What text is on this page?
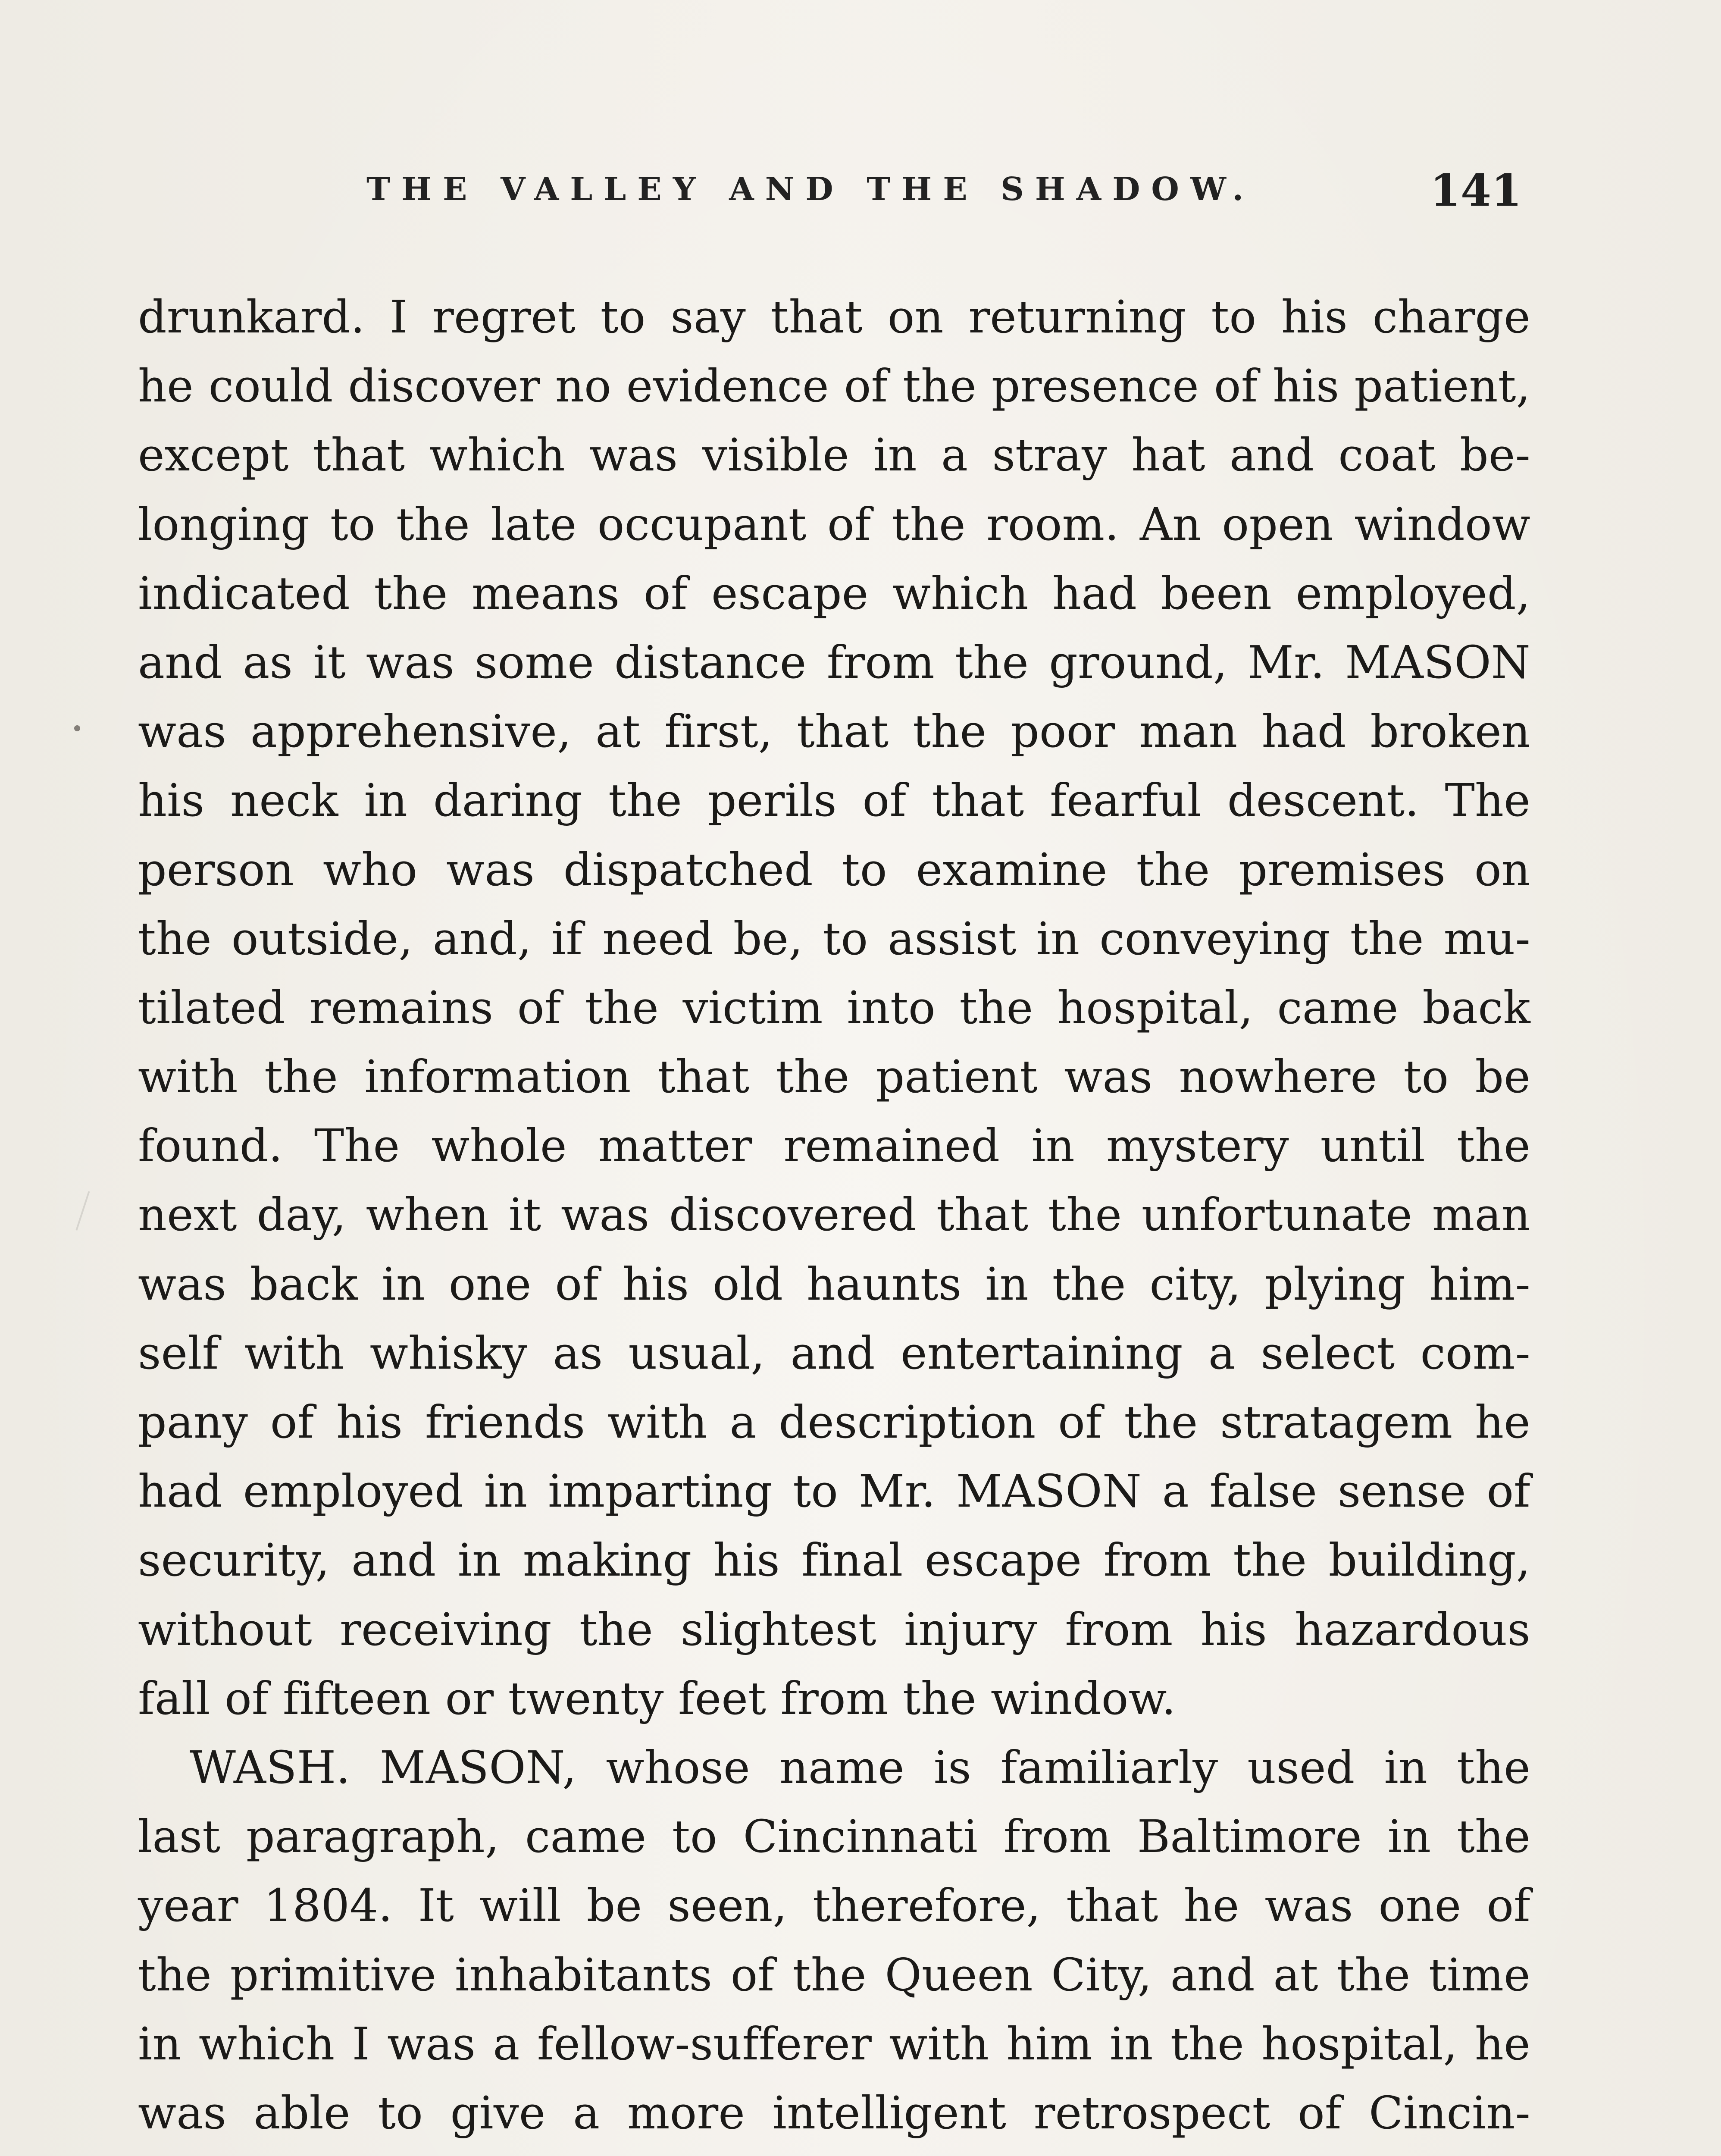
THE VALLEY AND THE SHADOW.	141
drunkard. I regret to say that on returning to his charge
he could discover no evidence of the presence of his patient,
except that which was visible in a stray hat and coat be-
longing to the late occupant of the room. An open window
indicated the means of escape which had been employed,
and as it was some distance from the ground, Mr. MASON
was apprehensive, at first, that the poor man had broken
his neck in daring the perils of that fearful descent. The
person who was dispatched to examine the premises on
the outside, and, if need be, to assist in conveying the mu-
tilated remains of the victim into the hospital, came back
with the information that the patient was nowhere to be
found. The whole matter remained in mystery until the
next day, when it was discovered that the unfortunate man
was back in one of his old haunts in the city, plying him-
self with whisky as usual, and entertaining a select com-
pany of his friends with a description of the stratagem he
had employed in imparting to Mr. MASON a false sense of
security, and in making his final escape from the building,
without receiving the slightest injury from his hazardous
fall of fifteen or twenty feet from the window.
WASH. MASON, whose name is familiarly used in the
last paragraph, came to Cincinnati from Baltimore in the
year 1804. It will be seen, therefore, that he was one of
the primitive inhabitants of the Queen City, and at the time
in which I was a fellow-sufferer with him in the hospital, he
was able to give a more intelligent retrospect of Cincin-
